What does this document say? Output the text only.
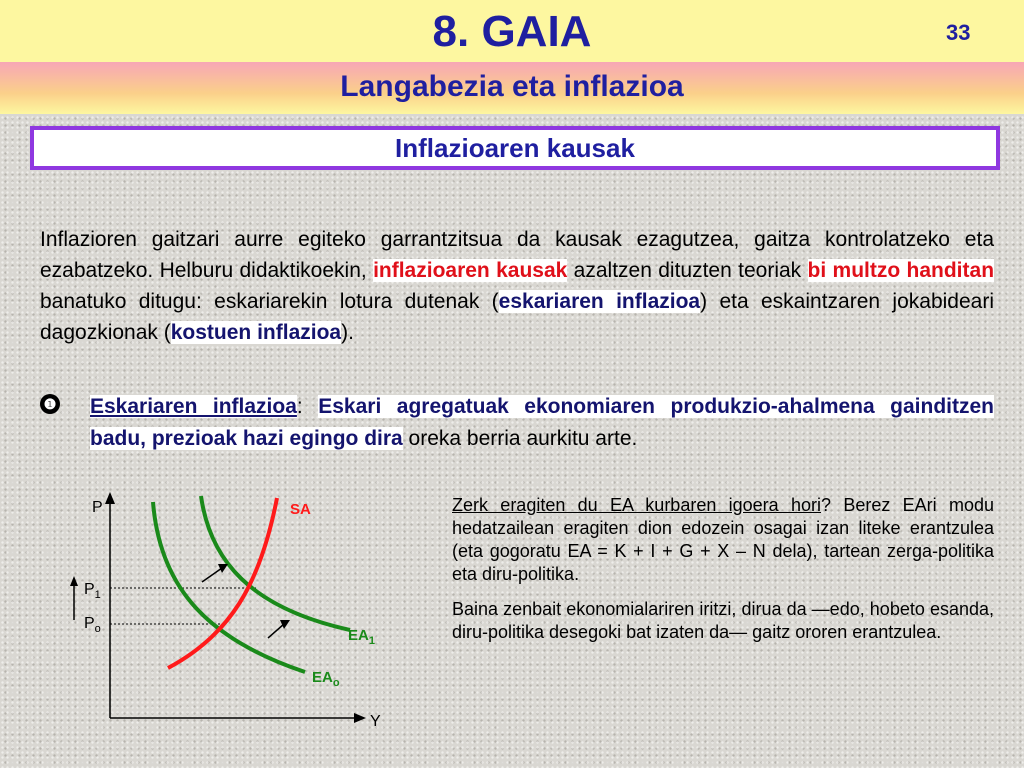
8. GAIA	33
Langabezia eta inflazioa
Inflazioaren kausak
Inflazioren gaitzari aurre egiteko garrantzitsua da kausak ezagutzea, gaitza kontrolatzeko eta ezabatzeko. Helburu didaktikoekin, inflazioaren kausak azaltzen dituzten teoriak bi multzo handitan banatuko ditugu: eskariarekin lotura dutenak (eskariaren inflazioa) eta eskaintzaren jokabideari dagozkionak (kostuen inflazioa).
❶ Eskariaren inflazioa: Eskari agregatuak ekonomiaren produkzio-ahalmena gainditzen badu, prezioak hazi egingo dira oreka berria aurkitu arte.
P
Y
$P_1$
$P_o$
SA
$EA_1$
$EA_o$

Zerk eragiten du EA kurbaren igoera hori? Berez EAri modu hedatzailean eragiten dion edozein osagai izan liteke erantzulea (eta gogoratu EA = K + I + G + X – N dela), tartean zerga-politika eta diru-politika.

Baina zenbait ekonomialariren iritzi, dirua da —edo, hobeto esanda, diru-politika desegoki bat izaten da— gaitz ororen erantzulea.
